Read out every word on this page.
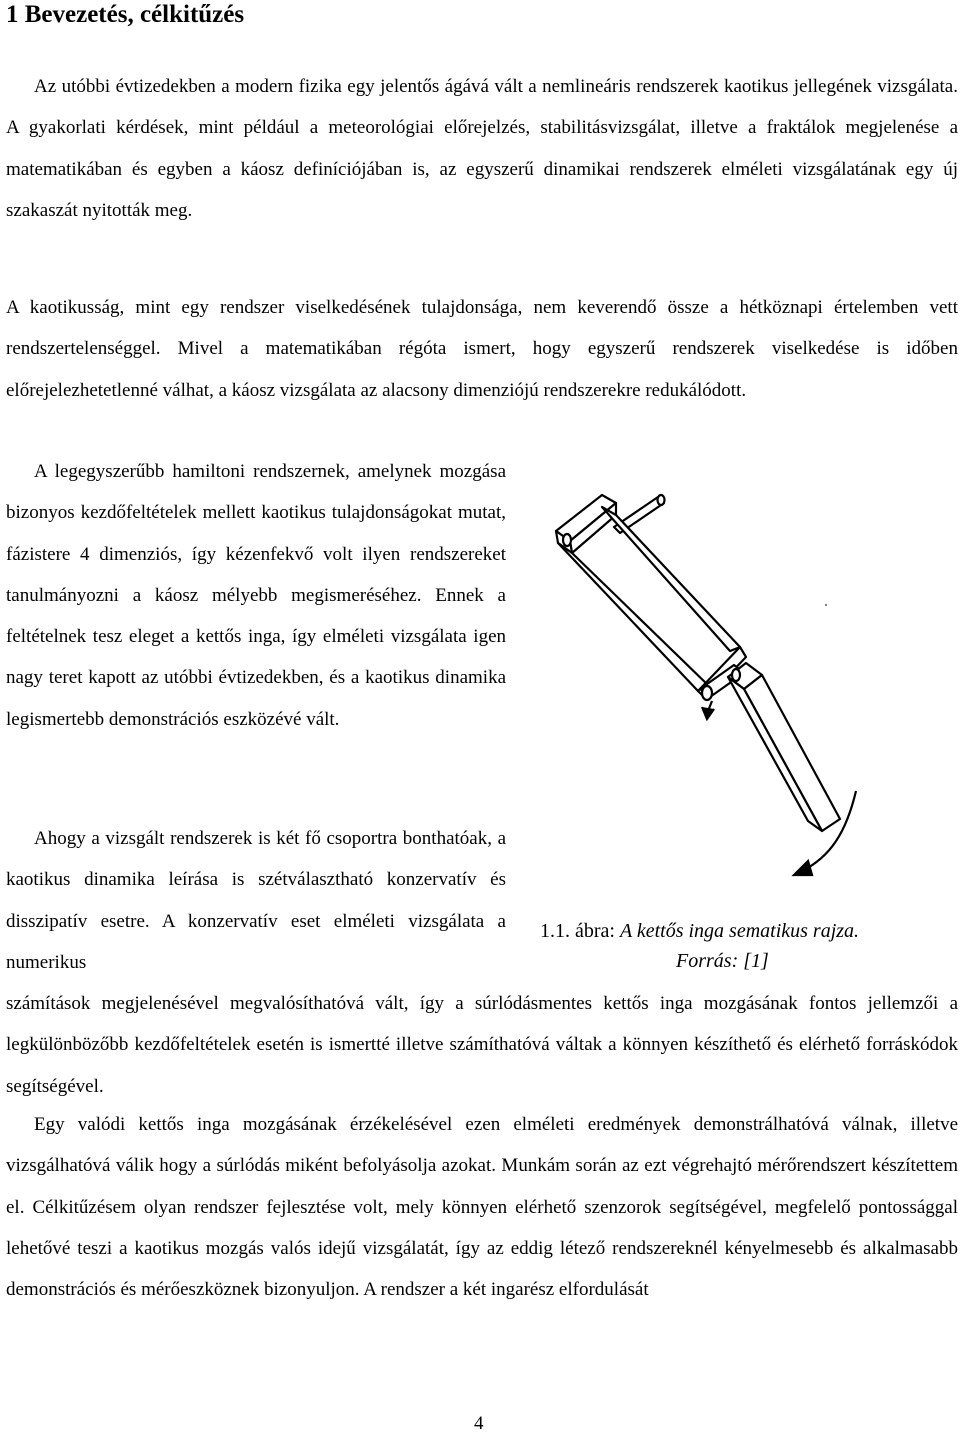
1 Bevezetés, célkitűzés

Az utóbbi évtizedekben a modern fizika egy jelentős ágává vált a nemlineáris rendszerek kaotikus jellegének vizsgálata. A gyakorlati kérdések, mint például a meteorológiai előrejelzés, stabilitásvizsgálat, illetve a fraktálok megjelenése a matematikában és egyben a káosz definíciójában is, az egyszerű dinamikai rendszerek elméleti vizsgálatának egy új szakaszát nyitották meg.

A kaotikusság, mint egy rendszer viselkedésének tulajdonsága, nem keverendő össze a hétköznapi értelemben vett rendszertelenséggel. Mivel a matematikában régóta ismert, hogy egyszerű rendszerek viselkedése is időben előrejelezhetetlenné válhat, a káosz vizsgálata az alacsony dimenziójú rendszerekre redukálódott.

A legegyszerűbb hamiltoni rendszernek, amelynek mozgása bizonyos kezdőfeltételek mellett kaotikus tulajdonságokat mutat, fázistere 4 dimenziós, így kézenfekvő volt ilyen rendszereket tanulmányozni a káosz mélyebb megismeréséhez. Ennek a feltételnek tesz eleget a kettős inga, így elméleti vizsgálata igen nagy teret kapott az utóbbi évtizedekben, és a kaotikus dinamika legismertebb demonstrációs eszközévé vált.

Ahogy a vizsgált rendszerek is két fő csoportra bonthatóak, a kaotikus dinamika leírása is szétválasztható konzervatív és disszipatív esetre. A konzervatív eset elméleti vizsgálata a numerikus

számítások megjelenésével megvalósíthatóvá vált, így a súrlódásmentes kettős inga mozgásának fontos jellemzői a legkülönbözőbb kezdőfeltételek esetén is ismertté illetve számíthatóvá váltak a könnyen készíthető és elérhető forráskódok segítségével.

Egy valódi kettős inga mozgásának érzékelésével ezen elméleti eredmények demonstrálhatóvá válnak, illetve vizsgálhatóvá válik hogy a súrlódás miként befolyásolja azokat. Munkám során az ezt végrehajtó mérőrendszert készítettem el. Célkitűzésem olyan rendszer fejlesztése volt, mely könnyen elérhető szenzorok segítségével, megfelelő pontossággal lehetővé teszi a kaotikus mozgás valós idejű vizsgálatát, így az eddig létező rendszereknél kényelmesebb és alkalmasabb demonstrációs és mérőeszköznek bizonyuljon. A rendszer a két ingarész elfordulását

1.1. ábra: A kettős inga sematikus rajza.
Forrás: [1]
4
